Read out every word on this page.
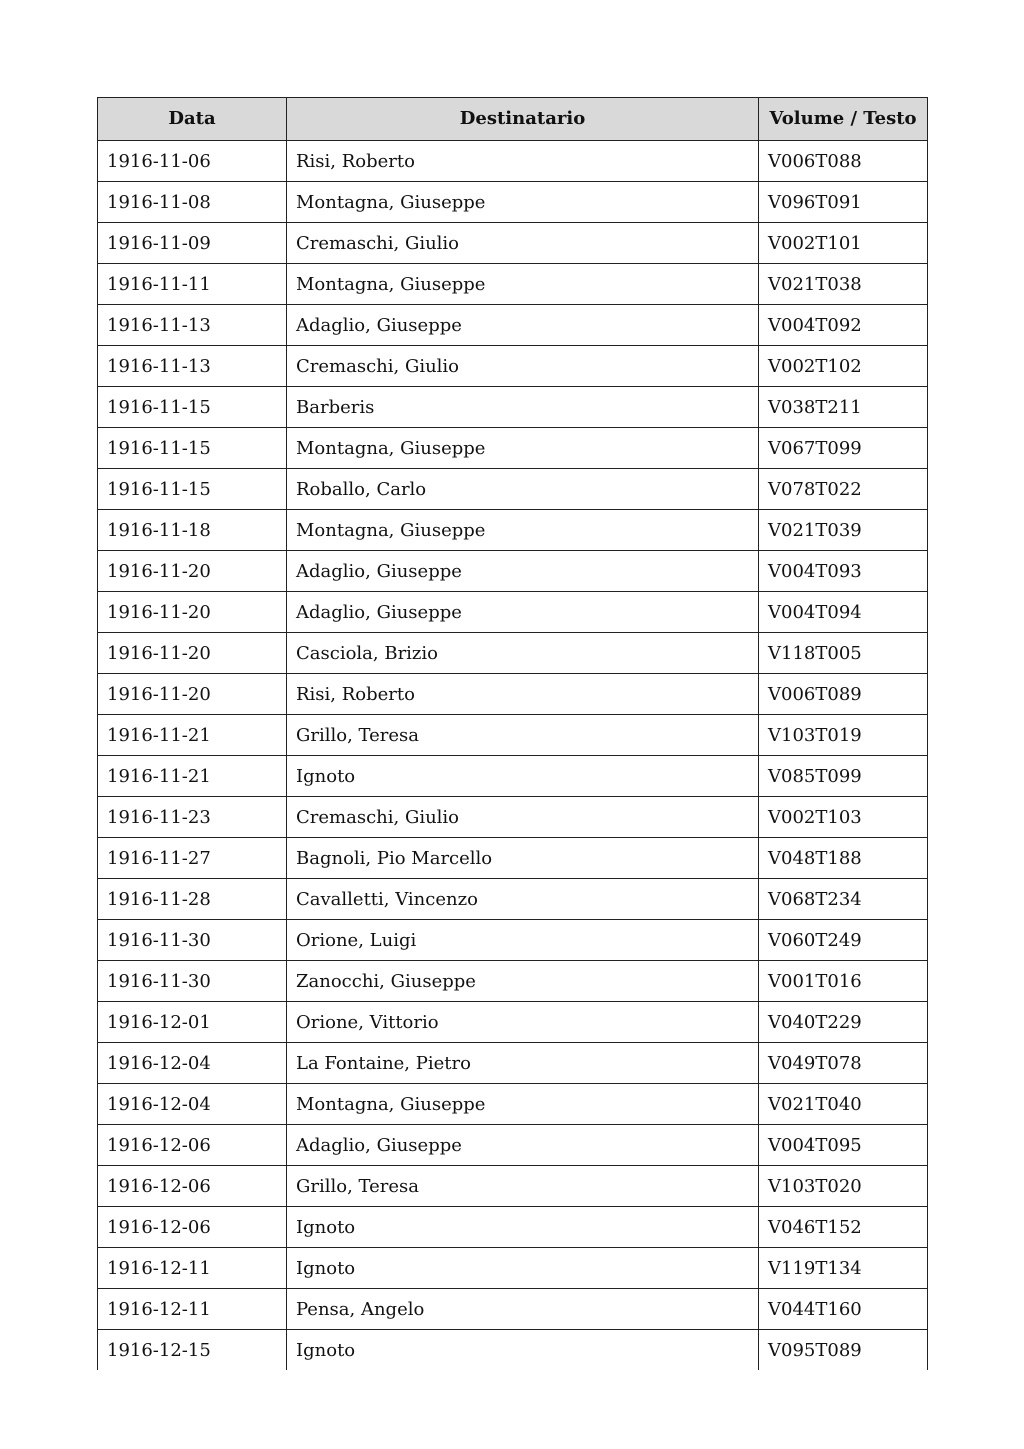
Data	Destinatario	Volume / Testo
1916-11-06	Risi, Roberto	V006T088
1916-11-08	Montagna, Giuseppe	V096T091
1916-11-09	Cremaschi, Giulio	V002T101
1916-11-11	Montagna, Giuseppe	V021T038
1916-11-13	Adaglio, Giuseppe	V004T092
1916-11-13	Cremaschi, Giulio	V002T102
1916-11-15	Barberis	V038T211
1916-11-15	Montagna, Giuseppe	V067T099
1916-11-15	Roballo, Carlo	V078T022
1916-11-18	Montagna, Giuseppe	V021T039
1916-11-20	Adaglio, Giuseppe	V004T093
1916-11-20	Adaglio, Giuseppe	V004T094
1916-11-20	Casciola, Brizio	V118T005
1916-11-20	Risi, Roberto	V006T089
1916-11-21	Grillo, Teresa	V103T019
1916-11-21	Ignoto	V085T099
1916-11-23	Cremaschi, Giulio	V002T103
1916-11-27	Bagnoli, Pio Marcello	V048T188
1916-11-28	Cavalletti, Vincenzo	V068T234
1916-11-30	Orione, Luigi	V060T249
1916-11-30	Zanocchi, Giuseppe	V001T016
1916-12-01	Orione, Vittorio	V040T229
1916-12-04	La Fontaine, Pietro	V049T078
1916-12-04	Montagna, Giuseppe	V021T040
1916-12-06	Adaglio, Giuseppe	V004T095
1916-12-06	Grillo, Teresa	V103T020
1916-12-06	Ignoto	V046T152
1916-12-11	Ignoto	V119T134
1916-12-11	Pensa, Angelo	V044T160
1916-12-15	Ignoto	V095T089
